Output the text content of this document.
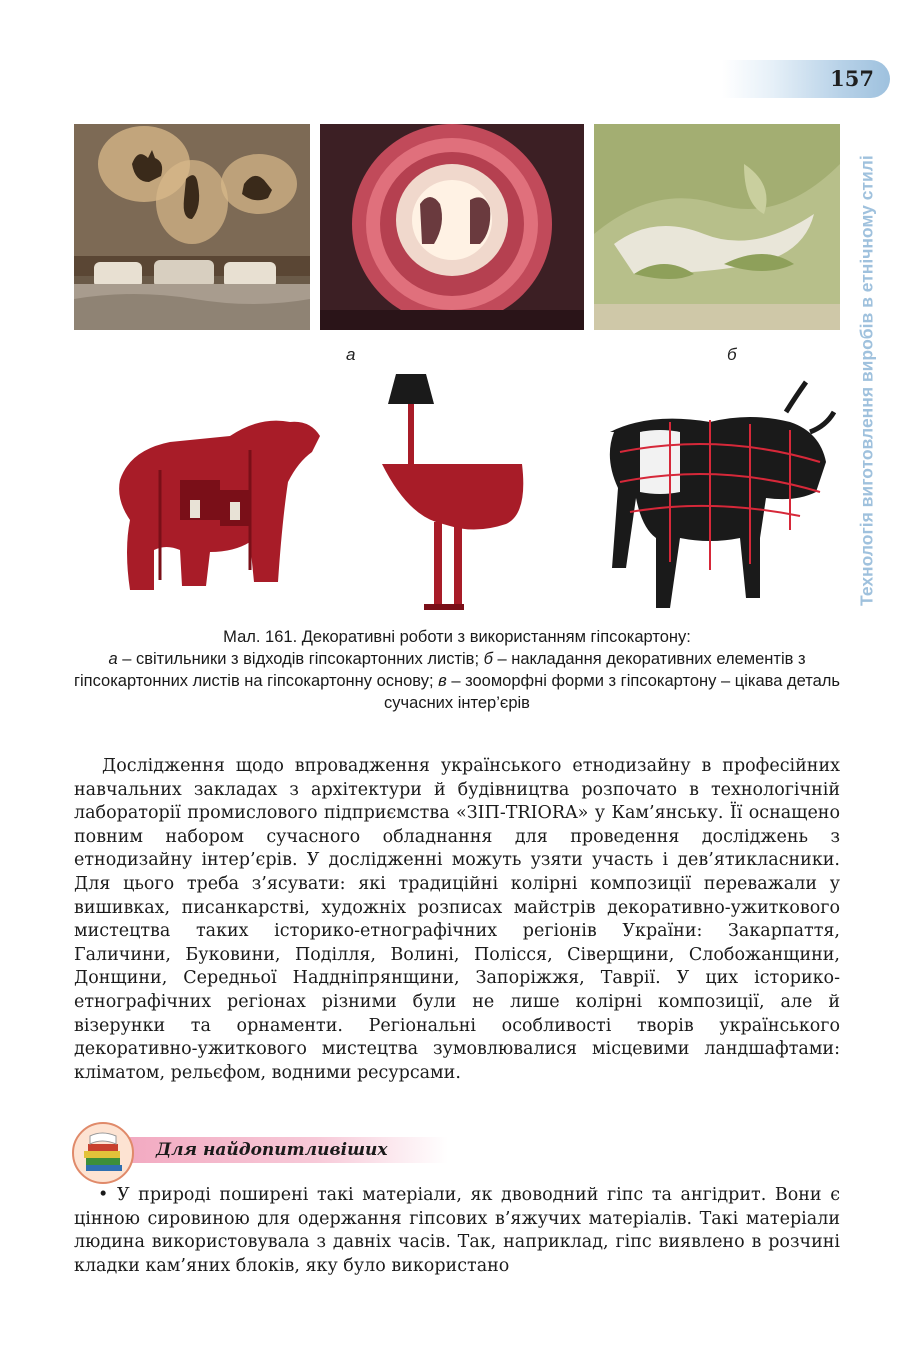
157
Технологія виготовлення виробів в етнічному стилі
а	б
Мал. 161. Декоративні роботи з використанням гіпсокартону:
а – світильники з відходів гіпсокартонних листів; б – накладання декоративних елементів з гіпсокартонних листів на гіпсокартонну основу; в – зооморфні форми з гіпсокартону – цікава деталь сучасних інтер’єрів

Дослідження щодо впровадження українського етнодизайну в професійних навчальних закладах з архітектури й будівництва розпочато в технологічній лабораторії промислового підприємства «ЗІП-TRIORA» у Кам’янську. Її оснащено повним набором сучасного обладнання для проведення досліджень з етнодизайну інтер’єрів. У дослідженні можуть узяти участь і дев’ятикласники. Для цього треба з’ясувати: які традиційні колірні композиції переважали у вишивках, писанкарстві, художніх розписах майстрів декоративно-ужиткового мистецтва таких історико-етнографічних регіонів України: Закарпаття, Галичини, Буковини, Поділля, Волині, Полісся, Сіверщини, Слобожанщини, Донщини, Середньої Наддніпрянщини, Запоріжжя, Таврії. У цих історико-етнографічних регіонах різними були не лише колірні композиції, але й візерунки та орнаменти. Регіональні особливості творів українського декоративно-ужиткового мистецтва зумовлювалися місцевими ландшафтами: кліматом, рельєфом, водними ресурсами.

Для найдопитливіших

• У природі поширені такі матеріали, як двоводний гіпс та ангідрит. Вони є цінною сировиною для одержання гіпсових в’яжучих матеріалів. Такі матеріали людина використовувала з давніх часів. Так, наприклад, гіпс виявлено в розчині кладки кам’яних блоків, яку було використано
